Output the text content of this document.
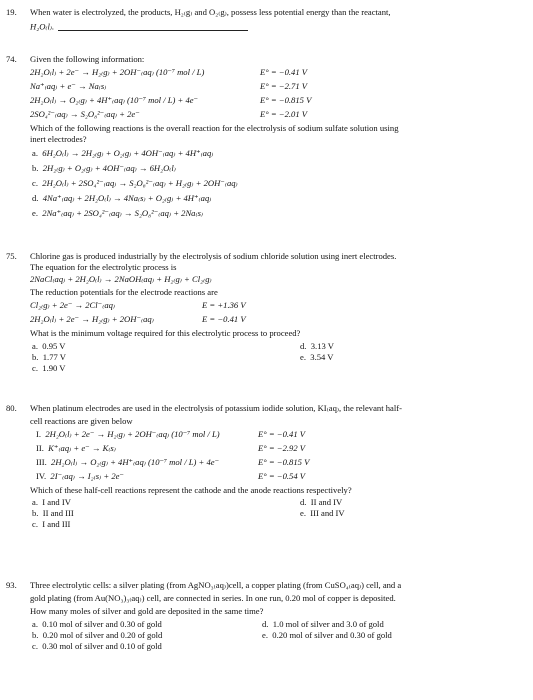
19. When water is electrolyzed, the products, H₂₍g₎ and O₂₍g₎, possess less potential energy than the reactant,
H₂O₍l₎.
74. Given the following information:
2H₂O₍l₎ + 2e⁻ → H₂₍g₎ + 2OH⁻₍aq₎ (10⁻⁷ mol / L)	E° = −0.41 V
Na⁺₍aq₎ + e⁻ → Na₍s₎	E° = −2.71 V
2H₂O₍l₎ → O₂₍g₎ + 4H⁺₍aq₎ (10⁻⁷ mol / L) + 4e⁻	E° = −0.815 V
2SO₄²⁻₍aq₎ → S₂O₈²⁻₍aq₎ + 2e⁻	E° = −2.01 V
Which of the following reactions is the overall reaction for the electrolysis of sodium sulfate solution using
inert electrodes?
a. 6H₂O₍l₎ → 2H₂₍g₎ + O₂₍g₎ + 4OH⁻₍aq₎ + 4H⁺₍aq₎
b. 2H₂₍g₎ + O₂₍g₎ + 4OH⁻₍aq₎ → 6H₂O₍l₎
c. 2H₂O₍l₎ + 2SO₄²⁻₍aq₎ → S₂O₈²⁻₍aq₎ + H₂₍g₎ + 2OH⁻₍aq₎
d. 4Na⁺₍aq₎ + 2H₂O₍l₎ → 4Na₍s₎ + O₂₍g₎ + 4H⁺₍aq₎
e. 2Na⁺₍aq₎ + 2SO₄²⁻₍aq₎ → S₂O₈²⁻₍aq₎ + 2Na₍s₎
75. Chlorine gas is produced industrially by the electrolysis of sodium chloride solution using inert electrodes.
The equation for the electrolytic process is
2NaCl₍aq₎ + 2H₂O₍l₎ → 2NaOH₍aq₎ + H₂₍g₎ + Cl₂₍g₎
The reduction potentials for the electrode reactions are
Cl₂₍g₎ + 2e⁻ → 2Cl⁻₍aq₎	E = +1.36 V
2H₂O₍l₎ + 2e⁻ → H₂₍g₎ + 2OH⁻₍aq₎	E = −0.41 V
What is the minimum voltage required for this electrolytic process to proceed?
a. 0.95 V
b. 1.77 V
c. 1.90 V
d. 3.13 V
e. 3.54 V
80. When platinum electrodes are used in the electrolysis of potassium iodide solution, KI₍aq₎, the relevant half-
cell reactions are given below
I. 2H₂O₍l₎ + 2e⁻ → H₂₍g₎ + 2OH⁻₍aq₎ (10⁻⁷ mol / L)	E° = −0.41 V
II. K⁺₍aq₎ + e⁻ → K₍s₎	E° = −2.92 V
III. 2H₂O₍l₎ → O₂₍g₎ + 4H⁺₍aq₎ (10⁻⁷ mol / L) + 4e⁻	E° = −0.815 V
IV. 2I⁻₍aq₎ → I₂₍s₎ + 2e⁻	E° = −0.54 V
Which of these half-cell reactions represent the cathode and the anode reactions respectively?
a. I and IV
b. II and III
c. I and III
d. II and IV
e. III and IV
93. Three electrolytic cells: a silver plating (from AgNO₃₍aq₎)cell, a copper plating (from CuSO₄₍aq₎) cell, and a
gold plating (from Au(NO₃)₃₍aq₎) cell, are connected in series. In one run, 0.20 mol of copper is deposited.
How many moles of silver and gold are deposited in the same time?
a. 0.10 mol of silver and 0.30 of gold
b. 0.20 mol of silver and 0.20 of gold
c. 0.30 mol of silver and 0.10 of gold
d. 1.0 mol of silver and 3.0 of gold
e. 0.20 mol of silver and 0.30 of gold
